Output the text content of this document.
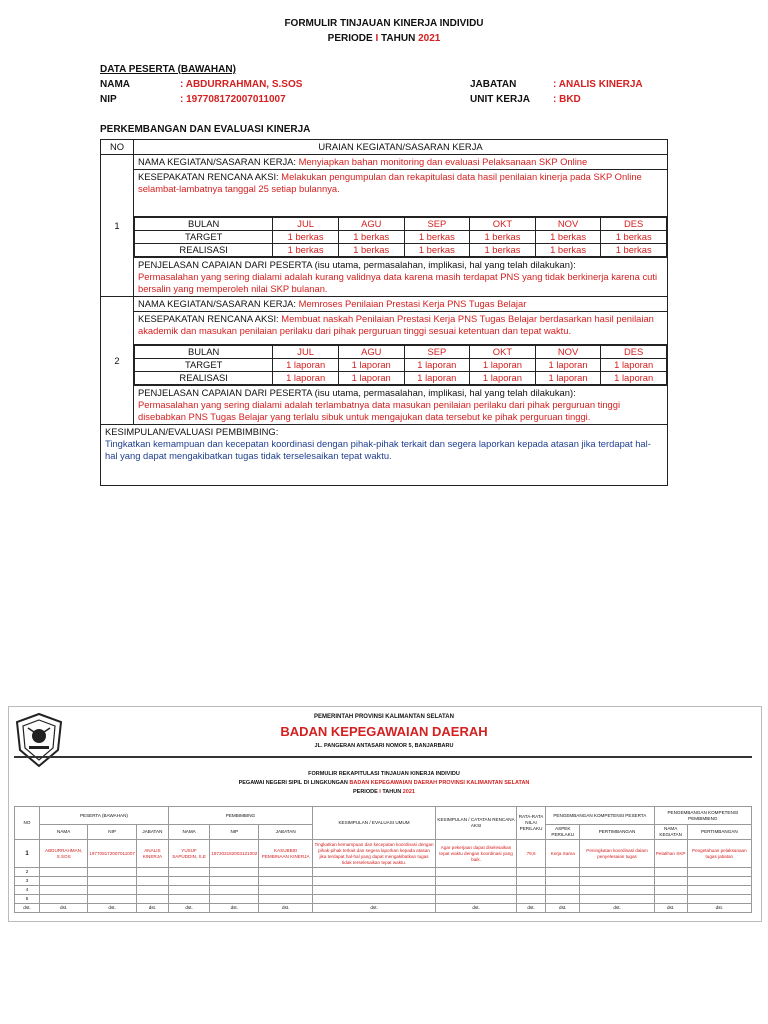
FORMULIR TINJAUAN KINERJA INDIVIDU
PERIODE I TAHUN 2021
DATA PESERTA (BAWAHAN)
NAMA	: ABDURRAHMAN, S.SOS
NIP	: 197708172007011007
JABATAN	: ANALIS KINERJA
UNIT KERJA : BKD
PERKEMBANGAN DAN EVALUASI KINERJA
NO	URAIAN KEGIATAN/SASARAN KERJA
1	NAMA KEGIATAN/SASARAN KERJA: Menyiapkan bahan monitoring dan evaluasi Pelaksanaan SKP Online
KESEPAKATAN RENCANA AKSI: Melakukan pengumpulan dan rekapitulasi data hasil penilaian kinerja pada SKP Online selambat-lambatnya tanggal 25 setiap bulannya.

BULAN	JUL	AGU	SEP	OKT	NOV	DES
TARGET	1 berkas	1 berkas	1 berkas	1 berkas	1 berkas	1 berkas
REALISASI	1 berkas	1 berkas	1 berkas	1 berkas	1 berkas	1 berkas

PENJELASAN CAPAIAN DARI PESERTA (isu utama, permasalahan, implikasi, hal yang telah dilakukan):
Permasalahan yang sering dialami adalah kurang validnya data karena masih terdapat PNS yang tidak berkinerja karena cuti bersalin yang memperoleh nilai SKP bulanan.
2	NAMA KEGIATAN/SASARAN KERJA: Memroses Penilaian Prestasi Kerja PNS Tugas Belajar
KESEPAKATAN RENCANA AKSI: Membuat naskah Penilaian Prestasi Kerja PNS Tugas Belajar berdasarkan hasil penilaian akademik dan masukan penilaian perilaku dari pihak perguruan tinggi sesuai ketentuan dan tepat waktu.

BULAN	JUL	AGU	SEP	OKT	NOV	DES
TARGET	1 laporan	1 laporan	1 laporan	1 laporan	1 laporan	1 laporan
REALISASI	1 laporan	1 laporan	1 laporan	1 laporan	1 laporan	1 laporan

PENJELASAN CAPAIAN DARI PESERTA (isu utama, permasalahan, implikasi, hal yang telah dilakukan):
Permasalahan yang sering dialami adalah terlambatnya data masukan penilaian perilaku dari pihak perguruan tinggi disebabkan PNS Tugas Belajar yang terlalu sibuk untuk mengajukan data tersebut ke pihak perguruan tinggi.
KESIMPULAN/EVALUASI PEMBIMBING:
Tingkatkan kemampuan dan kecepatan koordinasi dengan pihak-pihak terkait dan segera laporkan kepada atasan jika terdapat hal-hal yang dapat mengakibatkan tugas tidak terselesaikan tepat waktu.
PEMERINTAH PROVINSI KALIMANTAN SELATAN
BADAN KEPEGAWAIAN DAERAH
JL. PANGERAN ANTASARI NOMOR 5, BANJARBARU
FORMULIR REKAPITULASI TINJAUAN KINERJA INDIVIDU
PEGAWAI NEGERI SIPIL DI LINGKUNGAN BADAN KEPEGAWAIAN DAERAH PROVINSI KALIMANTAN SELATAN
PERIODE I TAHUN 2021
NO	PESERTA (BAWAHAN)			PEMBIMBING			KESIMPULAN / EVALUASI UMUM	KESIMPULAN / CATATAN RENCANA AKSI	RATA-RATA NILAI PERILAKU	PENGEMBANGAN KOMPETENSI PESERTA		PENGEMBANGAN KOMPETENSI PEMBIMBING	
	NAMA	NIP	JABATAN	NAMA	NIP	JABATAN				ASPEK PERILAKU	PERTIMBANGAN	NAMA KEGIATAN	PERTIMBANGAN
1	ABDURRAHMAN, S.SOS	197708172007011007	ANALIS KINERJA	YUSUF SAPUDDIN, S.E	197203182003121002	KASUBBID PEMBINAAN KINERJA	Tingkatkan kemampuan dan kecepatan koordinasi dengan pihak-pihak terkait dan segera laporkan kepada atasan jika terdapat hal-hal yang dapat mengakibatkan tugas tidak terselesaikan tepat waktu.	Agar pekerjaan dapat diselesaikan tepat waktu dengan koordinasi yang baik.	79,6	Kerja Sama	Peningkatan koordinasi dalam penyelesaian tugas	Pelatihan SKP	Pengetahuan pelaksanaan tugas jabatan
2													
3													
4													
5													
dst.	dst.	dst.	dst.	dst.	dst.	dst.	dst.	dst.	dst.	dst.	dst.	dst.	dst.
